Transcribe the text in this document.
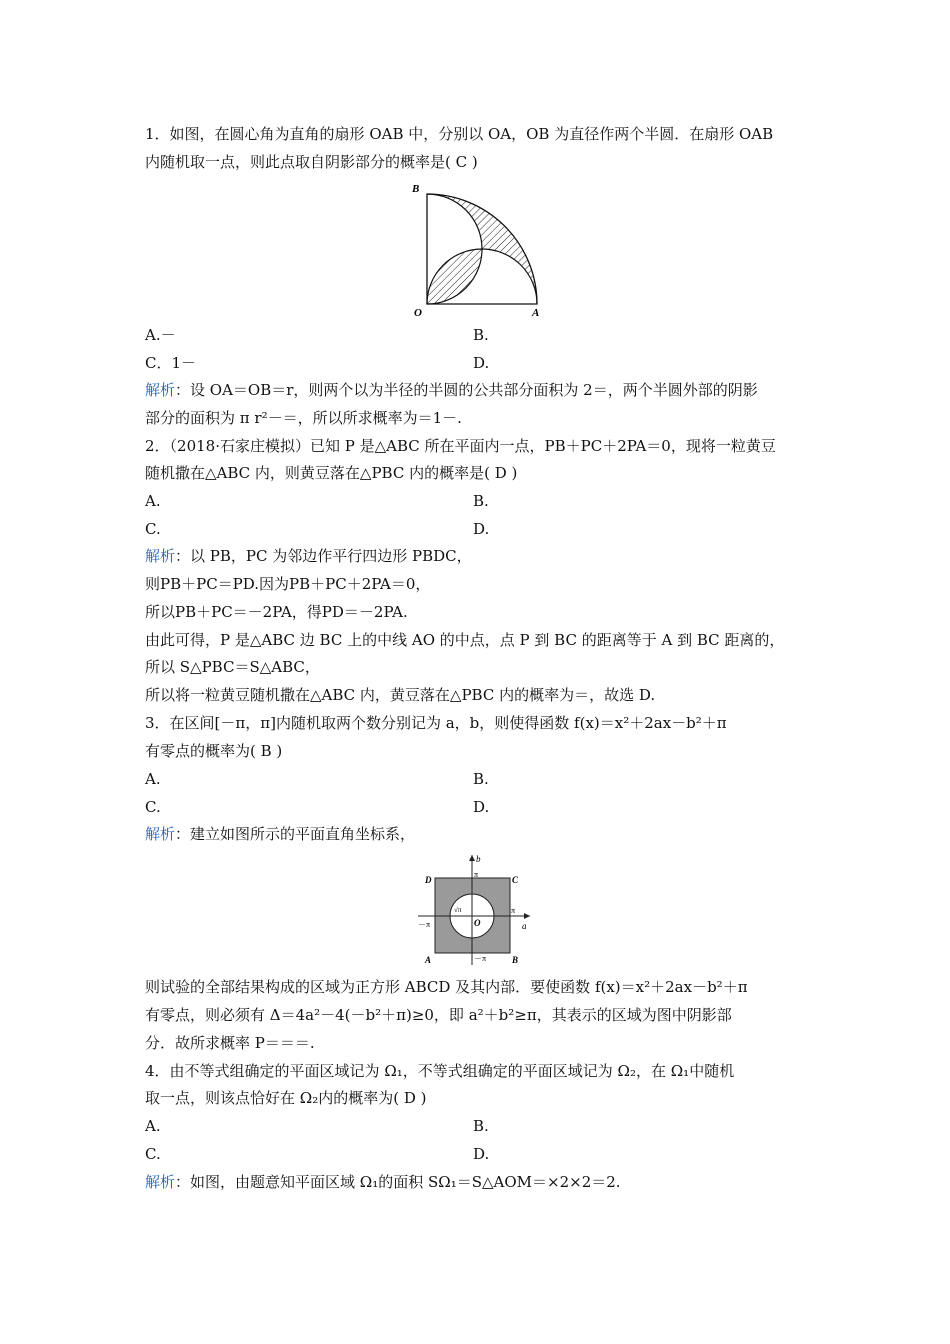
1．如图，在圆心角为直角的扇形 OAB 中，分别以 OA，OB 为直径作两个半圆．在扇形 OAB
内随机取一点，则此点取自阴影部分的概率是( C )
B
O	A
A.－	B.
C．1－	D.
解析：设 OA＝OB＝r，则两个以为半径的半圆的公共部分面积为 2＝，两个半圆外部的阴影
部分的面积为 π r²－＝，所以所求概率为＝1－.
2．（2018·石家庄模拟）已知 P 是△ABC 所在平面内一点，PB＋PC＋2PA＝0，现将一粒黄豆
随机撒在△ABC 内，则黄豆落在△PBC 内的概率是( D )
A.	B.
C.	D.
解析：以 PB，PC 为邻边作平行四边形 PBDC，
则PB＋PC＝PD.因为PB＋PC＋2PA＝0，
所以PB＋PC＝－2PA，得PD＝－2PA.
由此可得，P 是△ABC 边 BC 上的中线 AO 的中点，点 P 到 BC 的距离等于 A 到 BC 距离的，
所以 S△PBC＝S△ABC，
所以将一粒黄豆随机撒在△ABC 内，黄豆落在△PBC 内的概率为＝，故选 D.
3．在区间[－π，π]内随机取两个数分别记为 a，b，则使得函数 f(x)＝x²＋2ax－b²＋π
有零点的概率为( B )
A.	B.
C.	D.
解析：建立如图所示的平面直角坐标系，
b
a
D	C
A	B
O
π
π
－π
－π
√π
则试验的全部结果构成的区域为正方形 ABCD 及其内部．要使函数 f(x)＝x²＋2ax－b²＋π
有零点，则必须有 Δ＝4a²－4(－b²＋π)≥0，即 a²＋b²≥π，其表示的区域为图中阴影部
分．故所求概率 P＝＝＝.
4．由不等式组确定的平面区域记为 Ω₁，不等式组确定的平面区域记为 Ω₂，在 Ω₁中随机
取一点，则该点恰好在 Ω₂内的概率为( D )
A.	B.
C.	D.
解析：如图，由题意知平面区域 Ω₁的面积 SΩ₁＝S△AOM＝×2×2＝2.
